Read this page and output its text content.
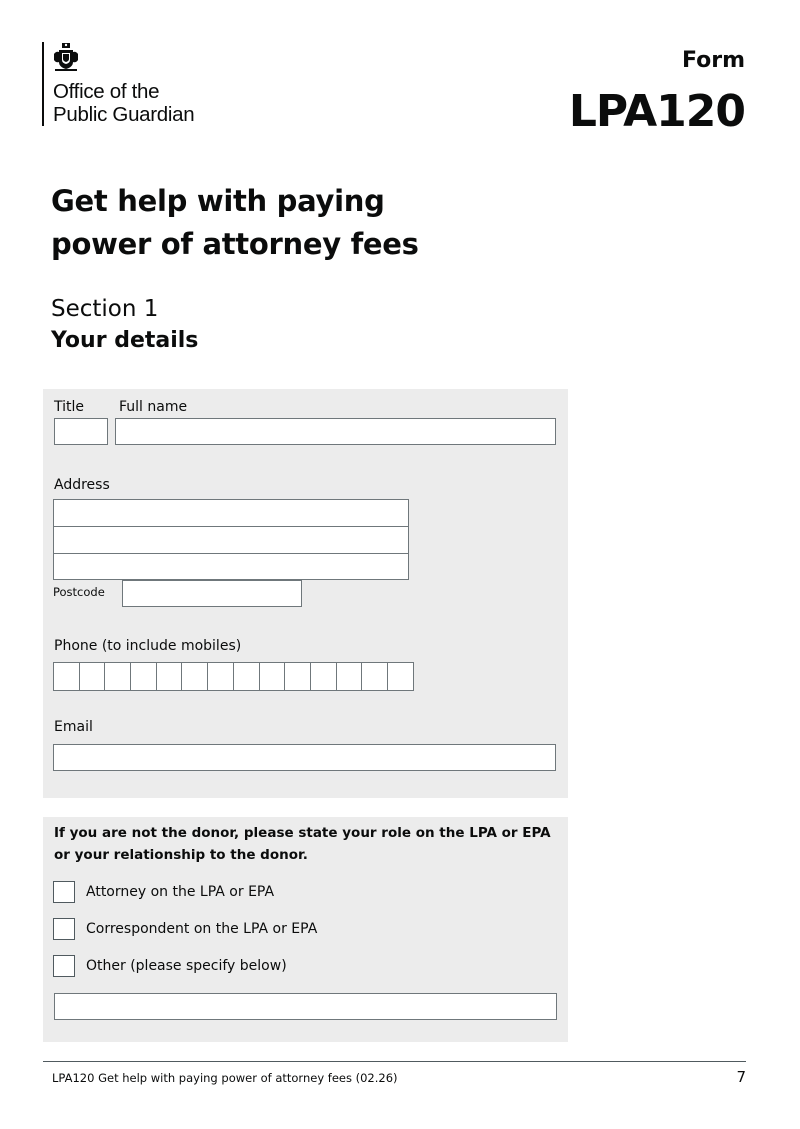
Office of the
Public Guardian
Form
LPA120
Get help with paying
power of attorney fees
Section 1
Your details
Title Full name
Address
Postcode
Phone (to include mobiles)
Email
If you are not the donor, please state your role on the LPA or EPA or your relationship to the donor.
Attorney on the LPA or EPA
Correspondent on the LPA or EPA
Other (please specify below)
LPA120 Get help with paying power of attorney fees (02.26)	7
